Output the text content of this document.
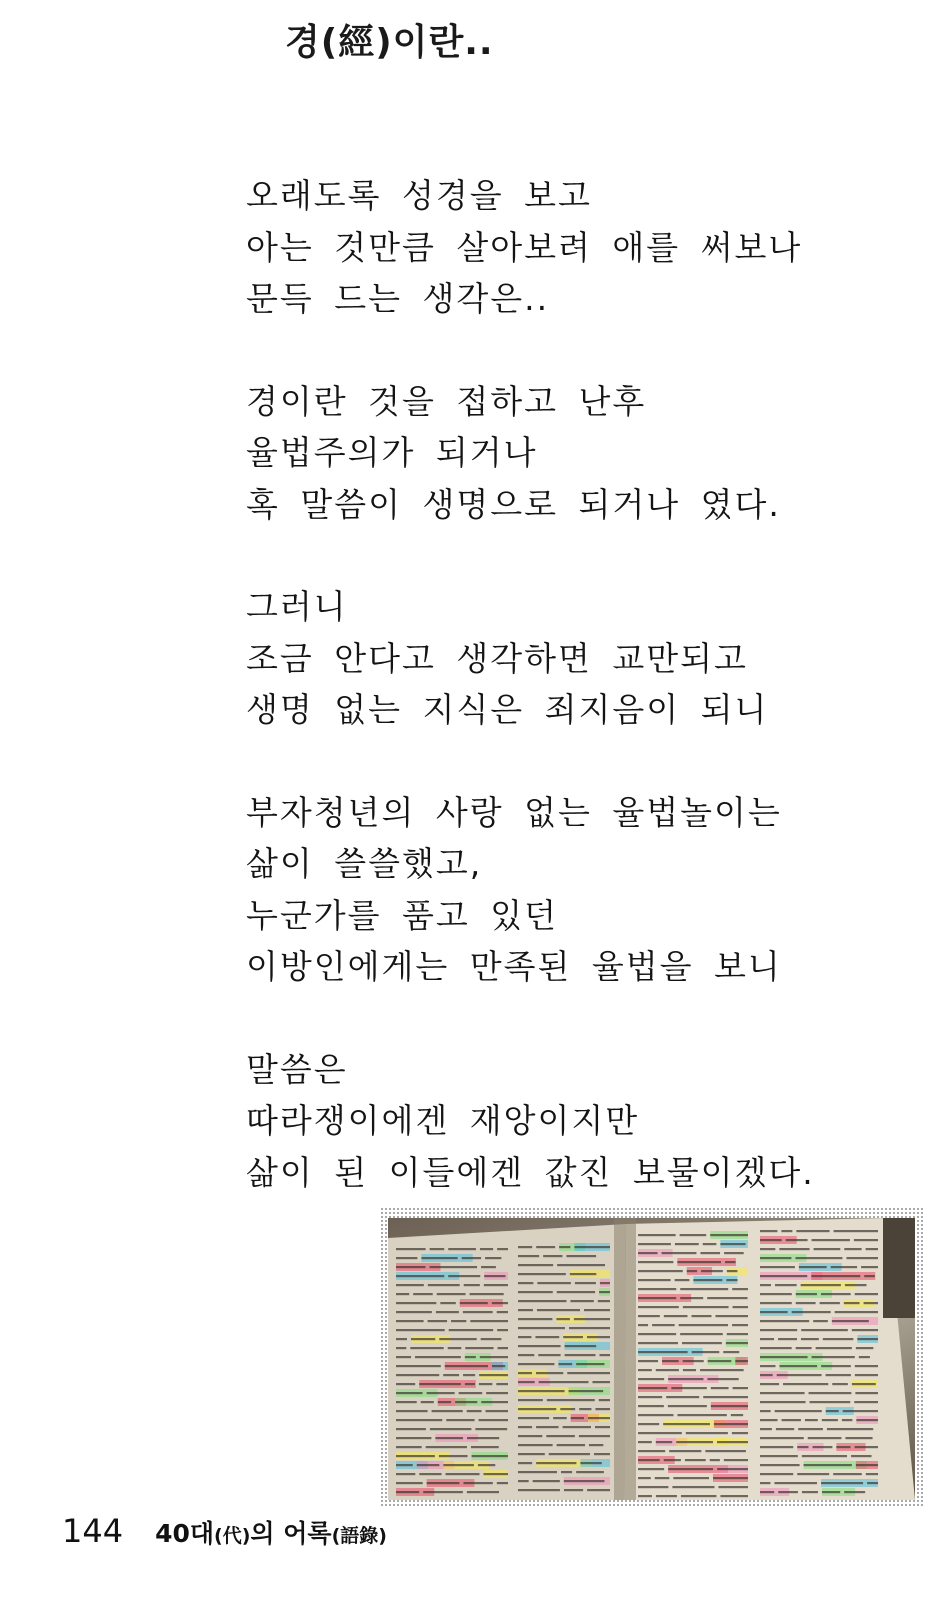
경(經)이란..
오래도록 성경을 보고
아는 것만큼 살아보려 애를 써보나
문득 드는 생각은..
경이란 것을 접하고 난후
율법주의가 되거나
혹 말씀이 생명으로 되거나 였다.
그러니
조금 안다고 생각하면 교만되고
생명 없는 지식은 죄지음이 되니
부자청년의 사랑 없는 율법놀이는
삶이 쓸쓸했고,
누군가를 품고 있던
이방인에게는 만족된 율법을 보니
말씀은
따라쟁이에겐 재앙이지만
삶이 된 이들에겐 값진 보물이겠다.
144 40대(代)의 어록(語錄)
